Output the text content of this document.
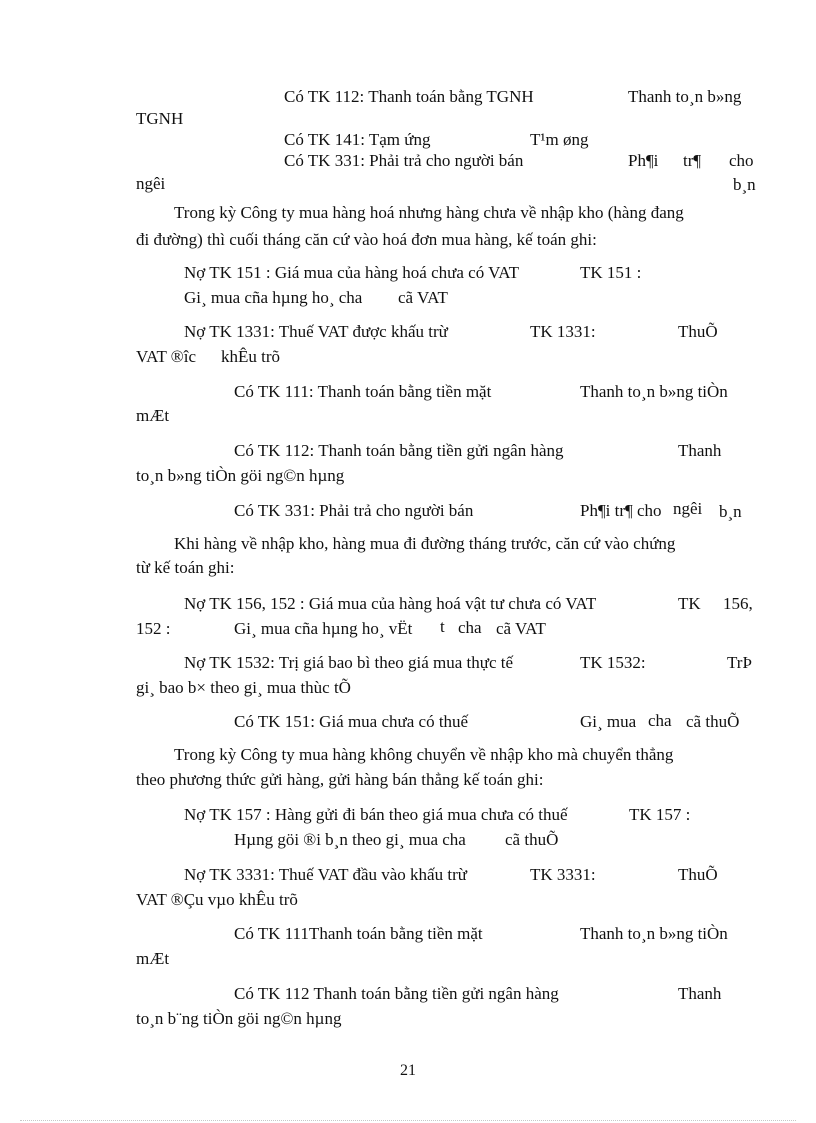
Có TK 112: Thanh toán bằng TGNH	Thanh to¸n b»ng
TGNH
Có TK 141: Tạm ứng	T¹m øng
Có TK 331: Phải trả cho người bán	Ph¶i tr¶ cho
ngêi	b¸n
Trong kỳ Công ty mua hàng hoá nhưng hàng chưa về nhập kho (hàng đang
đi đường) thì cuối tháng căn cứ vào hoá đơn mua hàng, kế toán ghi:
Nợ TK 151 : Giá mua của hàng hoá chưa có VAT	TK 151 :
Gi¸ mua cña hµng ho¸ cha cã VAT
Nợ TK 1331: Thuế VAT được khấu trừ	TK 1331:	ThuÕ
VAT ®îc khÊu trõ
Có TK 111: Thanh toán bằng tiền mặt	Thanh to¸n b»ng tiÒn
mÆt
Có TK 112: Thanh toán bằng tiền gửi ngân hàng	Thanh
to¸n b»ng tiÒn göi ng©n hµng
Có TK 331: Phải trả cho người bán	Ph¶i tr¶ cho ngêi b¸n
Khi hàng về nhập kho, hàng mua đi đường tháng trước, căn cứ vào chứng
từ kế toán ghi:
Nợ TK 156, 152 : Giá mua của hàng hoá vật tư chưa có VAT	TK 156,
152 :	Gi¸ mua cña hµng ho¸ vËt t cha cã VAT
Nợ TK 1532: Trị giá bao bì theo giá mua thực tế	TK 1532:	TrÞ
gi¸ bao b× theo gi¸ mua thùc tÕ
Có TK 151: Giá mua chưa có thuế	Gi¸ mua cha cã thuÕ
Trong kỳ Công ty mua hàng không chuyển về nhập kho mà chuyển thẳng
theo phương thức gửi hàng, gửi hàng bán thẳng kế toán ghi:
Nợ TK 157 : Hàng gửi đi bán theo giá mua chưa có thuế	TK 157 :
Hµng göi ®i b¸n theo gi¸ mua cha cã thuÕ
Nợ TK 3331: Thuế VAT đầu vào khấu trừ	TK 3331:	ThuÕ
VAT ®Çu vµo khÊu trõ
Có TK 111Thanh toán bằng tiền mặt	Thanh to¸n b»ng tiÒn
mÆt
Có TK 112 Thanh toán bằng tiền gửi ngân hàng	Thanh
to¸n b¨ng tiÒn göi ng©n hµng
21
